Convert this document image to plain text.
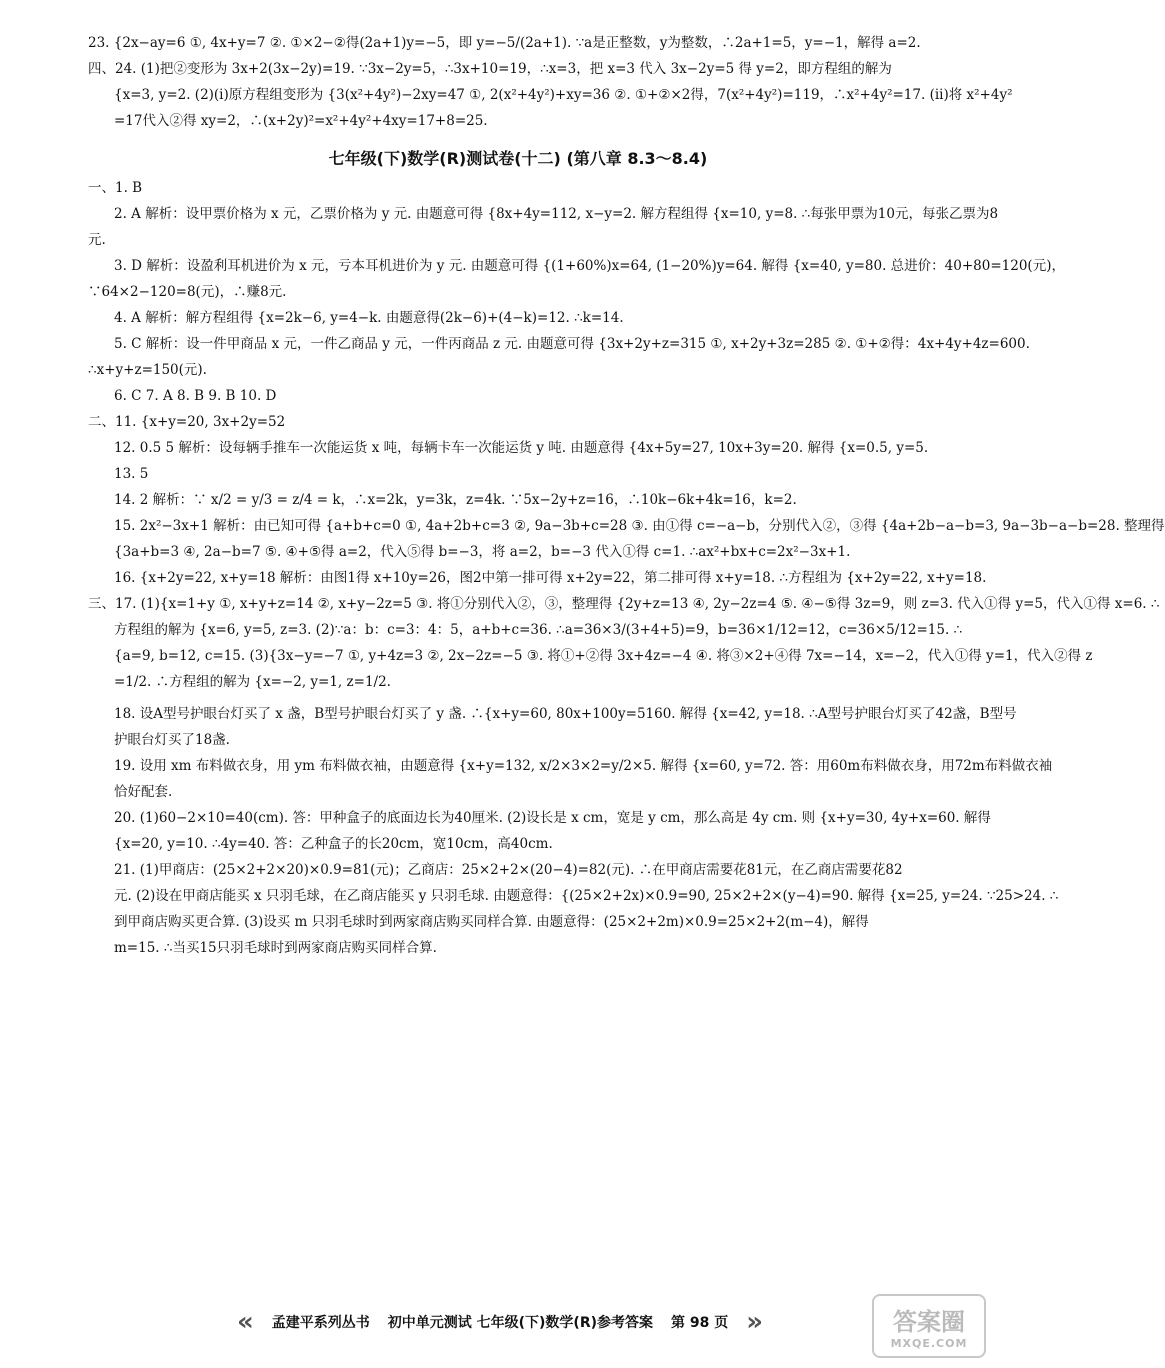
23. {2x−ay=6 ①, 4x+y=7 ②. ①×2−②得(2a+1)y=−5，即 y=−5/(2a+1). ∵a是正整数，y为整数，∴2a+1=5，y=−1，解得 a=2.
四、24. (1)把②变形为 3x+2(3x−2y)=19. ∵3x−2y=5，∴3x+10=19，∴x=3，把 x=3 代入 3x−2y=5 得 y=2，即方程组的解为
{x=3, y=2. (2)(i)原方程组变形为 {3(x²+4y²)−2xy=47 ①, 2(x²+4y²)+xy=36 ②. ①+②×2得，7(x²+4y²)=119，∴x²+4y²=17. (ii)将 x²+4y²
=17代入②得 xy=2，∴(x+2y)²=x²+4y²+4xy=17+8=25.
七年级(下)数学(R)测试卷(十二) (第八章 8.3～8.4)
一、1. B
2. A 解析：设甲票价格为 x 元，乙票价格为 y 元. 由题意可得 {8x+4y=112, x−y=2. 解方程组得 {x=10, y=8. ∴每张甲票为10元，每张乙票为8
元.
3. D 解析：设盈利耳机进价为 x 元，亏本耳机进价为 y 元. 由题意可得 {(1+60%)x=64, (1−20%)y=64. 解得 {x=40, y=80. 总进价：40+80=120(元)，
∵64×2−120=8(元)，∴赚8元.
4. A 解析：解方程组得 {x=2k−6, y=4−k. 由题意得(2k−6)+(4−k)=12. ∴k=14.
5. C 解析：设一件甲商品 x 元，一件乙商品 y 元，一件丙商品 z 元. 由题意可得 {3x+2y+z=315 ①, x+2y+3z=285 ②. ①+②得：4x+4y+4z=600.
∴x+y+z=150(元).
6. C 7. A 8. B 9. B 10. D
二、11. {x+y=20, 3x+2y=52
12. 0.5 5 解析：设每辆手推车一次能运货 x 吨，每辆卡车一次能运货 y 吨. 由题意得 {4x+5y=27, 10x+3y=20. 解得 {x=0.5, y=5.
13. 5
14. 2 解析：∵ x/2 = y/3 = z/4 = k，∴x=2k，y=3k，z=4k. ∵5x−2y+z=16，∴10k−6k+4k=16，k=2.
15. 2x²−3x+1 解析：由已知可得 {a+b+c=0 ①, 4a+2b+c=3 ②, 9a−3b+c=28 ③. 由①得 c=−a−b，分别代入②，③得 {4a+2b−a−b=3, 9a−3b−a−b=28. 整理得
{3a+b=3 ④, 2a−b=7 ⑤. ④+⑤得 a=2，代入⑤得 b=−3，将 a=2，b=−3 代入①得 c=1. ∴ax²+bx+c=2x²−3x+1.
16. {x+2y=22, x+y=18 解析：由图1得 x+10y=26，图2中第一排可得 x+2y=22，第二排可得 x+y=18. ∴方程组为 {x+2y=22, x+y=18.
三、17. (1){x=1+y ①, x+y+z=14 ②, x+y−2z=5 ③. 将①分别代入②，③，整理得 {2y+z=13 ④, 2y−2z=4 ⑤. ④−⑤得 3z=9，则 z=3. 代入①得 y=5，代入①得 x=6. ∴
方程组的解为 {x=6, y=5, z=3. (2)∵a：b：c=3：4：5，a+b+c=36. ∴a=36×3/(3+4+5)=9，b=36×1/12=12，c=36×5/12=15. ∴
{a=9, b=12, c=15. (3){3x−y=−7 ①, y+4z=3 ②, 2x−2z=−5 ③. 将①+②得 3x+4z=−4 ④. 将③×2+④得 7x=−14，x=−2，代入①得 y=1，代入②得 z
=1/2. ∴方程组的解为 {x=−2, y=1, z=1/2.
18. 设A型号护眼台灯买了 x 盏，B型号护眼台灯买了 y 盏. ∴{x+y=60, 80x+100y=5160. 解得 {x=42, y=18. ∴A型号护眼台灯买了42盏，B型号
护眼台灯买了18盏.
19. 设用 xm 布料做衣身，用 ym 布料做衣袖，由题意得 {x+y=132, x/2×3×2=y/2×5. 解得 {x=60, y=72. 答：用60m布料做衣身，用72m布料做衣袖
恰好配套.
20. (1)60−2×10=40(cm). 答：甲种盒子的底面边长为40厘米. (2)设长是 x cm，宽是 y cm，那么高是 4y cm. 则 {x+y=30, 4y+x=60. 解得
{x=20, y=10. ∴4y=40. 答：乙种盒子的长20cm，宽10cm，高40cm.
21. (1)甲商店：(25×2+2×20)×0.9=81(元)；乙商店：25×2+2×(20−4)=82(元). ∴在甲商店需要花81元，在乙商店需要花82
元. (2)设在甲商店能买 x 只羽毛球，在乙商店能买 y 只羽毛球. 由题意得：{(25×2+2x)×0.9=90, 25×2+2×(y−4)=90. 解得 {x=25, y=24. ∵25>24. ∴
到甲商店购买更合算. (3)设买 m 只羽毛球时到两家商店购买同样合算. 由题意得：(25×2+2m)×0.9=25×2+2(m−4)，解得
m=15. ∴当买15只羽毛球时到两家商店购买同样合算.
« 孟建平系列丛书 初中单元测试 七年级(下)数学(R)参考答案 第 98 页 »	答案圈
MXQE.COM
